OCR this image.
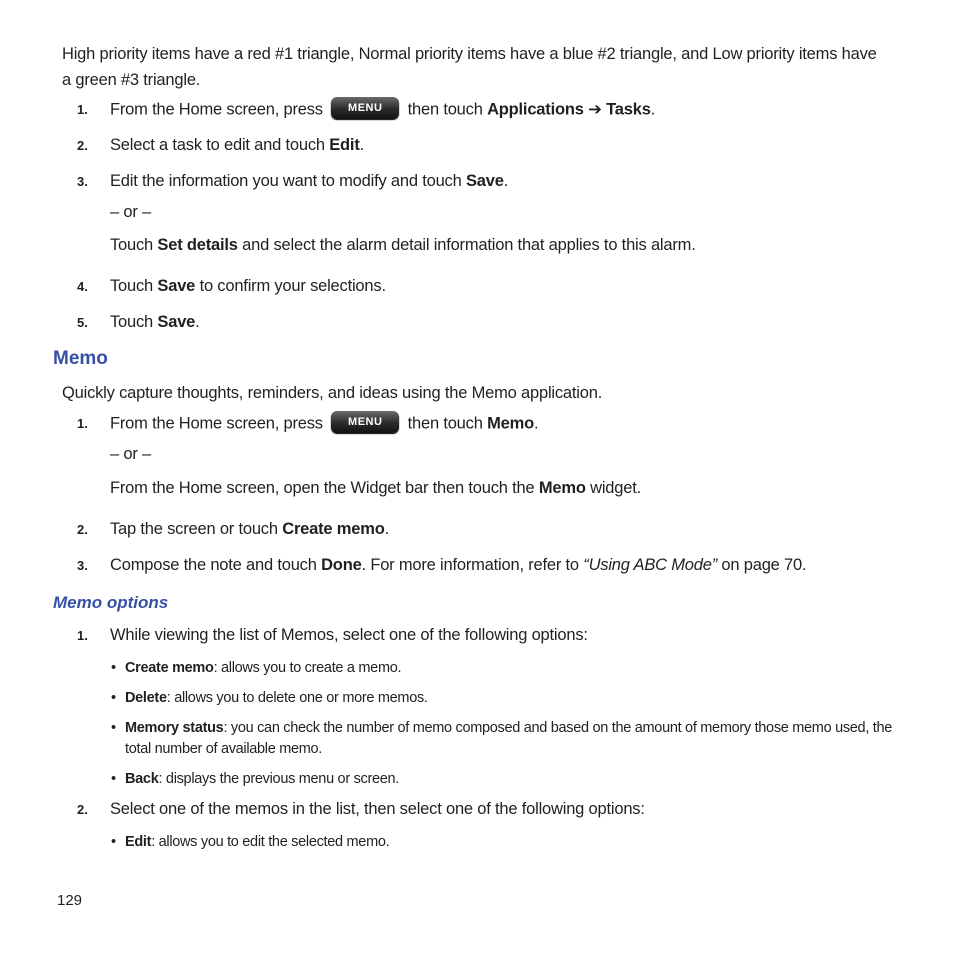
High priority items have a red #1 triangle, Normal priority items have a blue #2 triangle, and Low priority items have
a green #3 triangle.
1. From the Home screen, press MENU then touch Applications ➔ Tasks.
2. Select a task to edit and touch Edit.
3. Edit the information you want to modify and touch Save.
– or –
Touch Set details and select the alarm detail information that applies to this alarm.
4. Touch Save to confirm your selections.
5. Touch Save.
Memo
Quickly capture thoughts, reminders, and ideas using the Memo application.
1. From the Home screen, press MENU then touch Memo.
– or –
From the Home screen, open the Widget bar then touch the Memo widget.
2. Tap the screen or touch Create memo.
3. Compose the note and touch Done. For more information, refer to “Using ABC Mode” on page 70.
Memo options
1. While viewing the list of Memos, select one of the following options:
• Create memo: allows you to create a memo.
• Delete: allows you to delete one or more memos.
• Memory status: you can check the number of memo composed and based on the amount of memory those memo used, the
total number of available memo.
• Back: displays the previous menu or screen.
2. Select one of the memos in the list, then select one of the following options:
• Edit: allows you to edit the selected memo.
129
